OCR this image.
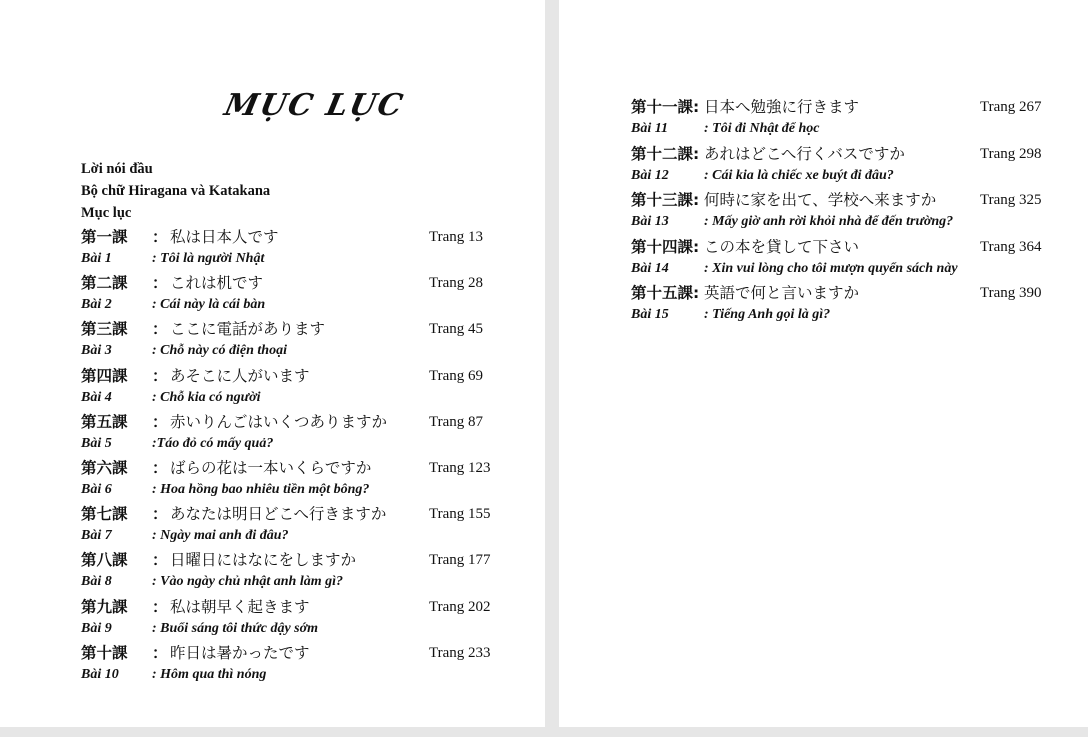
MỤC LỤC
Lời nói đầu
Bộ chữ Hiragana và Katakana
Mục lục
第一課 ： 私は日本人です	Trang 13
Bài 1	: Tôi là người Nhật
第二課 ： これは机です	Trang 28
Bài 2	: Cái này là cái bàn
第三課 ： ここに電話があります	Trang 45
Bài 3	: Chỗ này có điện thoại
第四課 ： あそこに人がいます	Trang 69
Bài 4	: Chỗ kia có người
第五課 ： 赤いりんごはいくつありますか	Trang 87
Bài 5	:Táo đỏ có mấy quả?
第六課 ： ばらの花は一本いくらですか	Trang 123
Bài 6	: Hoa hồng bao nhiêu tiền một bông?
第七課 ： あなたは明日どこへ行きますか	Trang 155
Bài 7	: Ngày mai anh đi đâu?
第八課 ： 日曜日にはなにをしますか	Trang 177
Bài 8	: Vào ngày chủ nhật anh làm gì?
第九課 ： 私は朝早く起きます	Trang 202
Bài 9	: Buổi sáng tôi thức dậy sớm
第十課 ： 昨日は暑かったです	Trang 233
Bài 10 : Hôm qua thì nóng
第十一課: 日本へ勉強に行きます	Trang 267
Bài 11	: Tôi đi Nhật để học
第十二課: あれはどこへ行くバスですか	Trang 298
Bài 12	: Cái kia là chiếc xe buýt đi đâu?
第十三課: 何時に家を出て、学校へ来ますか	Trang 325
Bài 13	: Mấy giờ anh rời khỏi nhà để đến trường?
第十四課: この本を貸して下さい	Trang 364
Bài 14	: Xin vui lòng cho tôi mượn quyển sách này
第十五課: 英語で何と言いますか	Trang 390
Bài 15	: Tiếng Anh gọi là gì?
